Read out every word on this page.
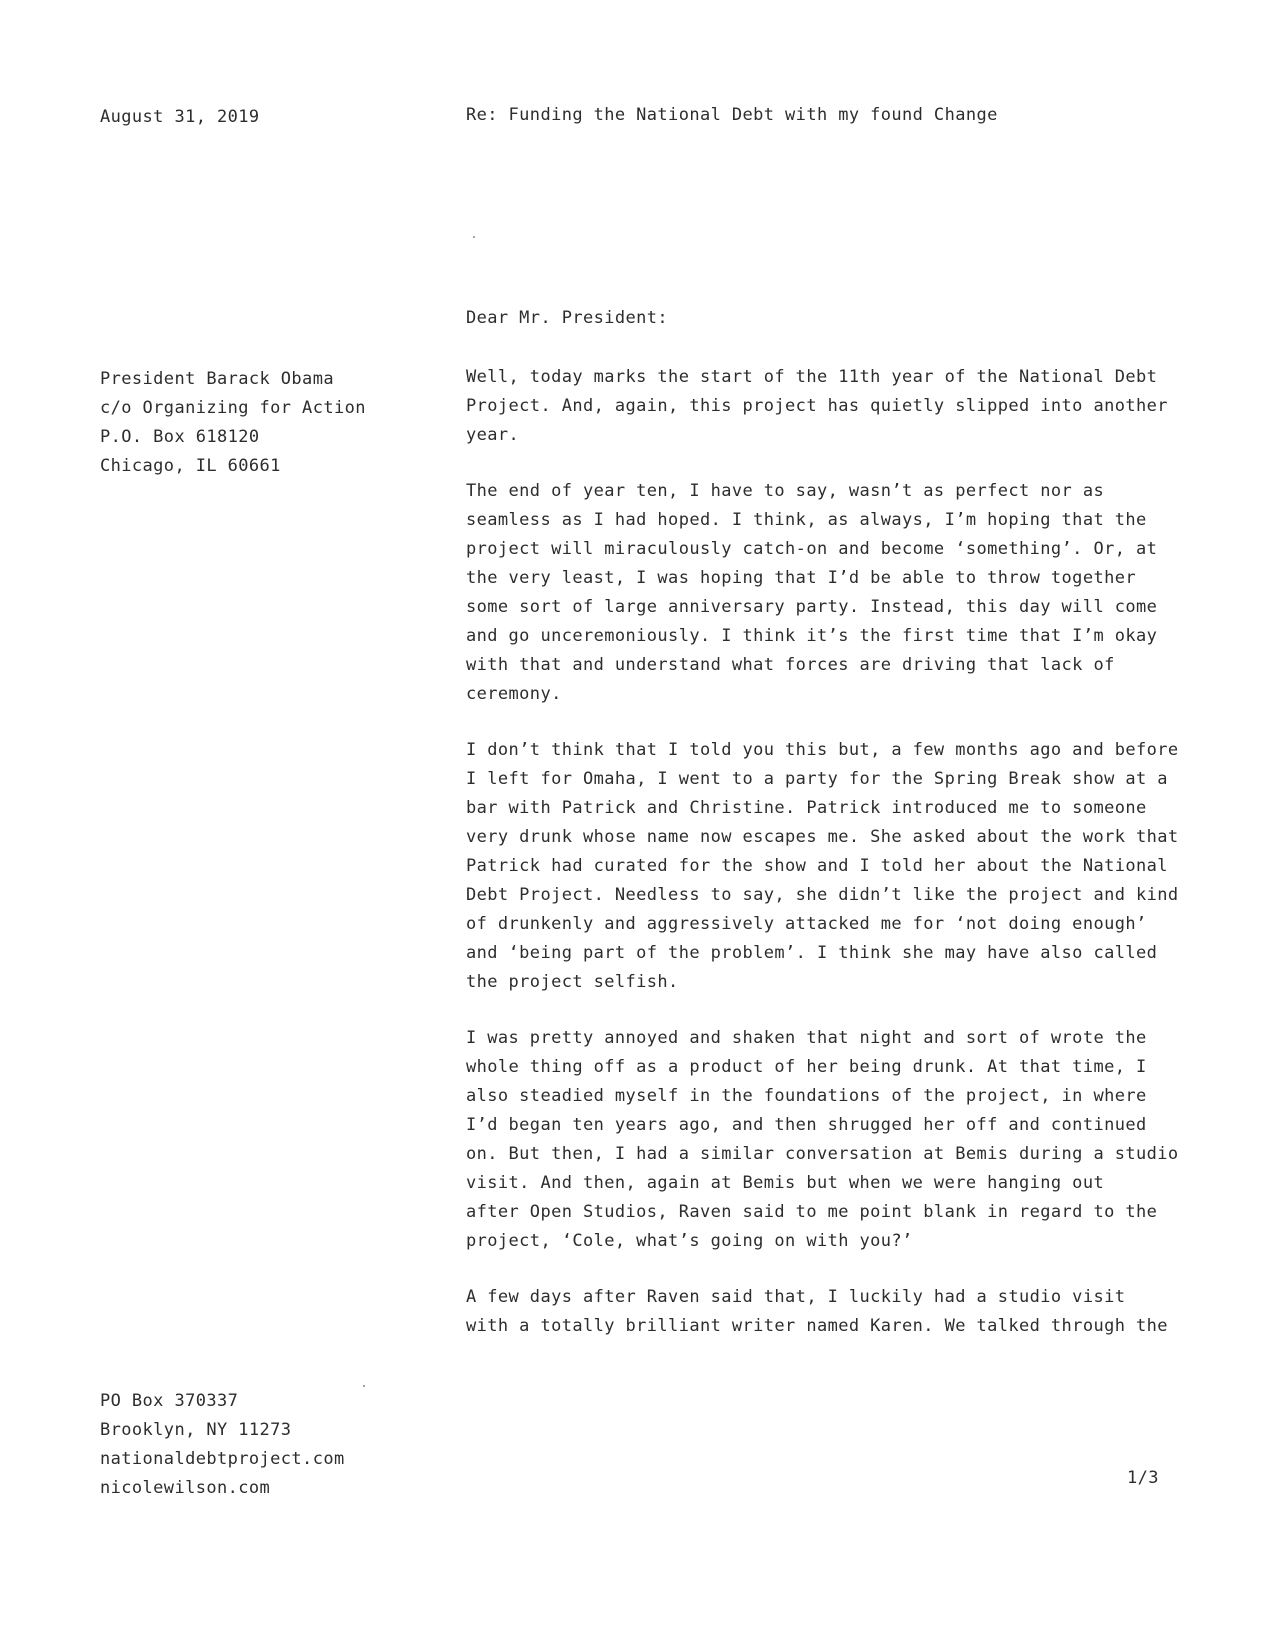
August 31, 2019	Re: Funding the National Debt with my found Change
Dear Mr. President:
President Barack Obama
c/o Organizing for Action
P.O. Box 618120
Chicago, IL 60661

Well, today marks the start of the 11th year of the National Debt
Project. And, again, this project has quietly slipped into another
year.

The end of year ten, I have to say, wasn’t as perfect nor as
seamless as I had hoped. I think, as always, I’m hoping that the
project will miraculously catch-on and become ‘something’. Or, at
the very least, I was hoping that I’d be able to throw together
some sort of large anniversary party. Instead, this day will come
and go unceremoniously. I think it’s the first time that I’m okay
with that and understand what forces are driving that lack of
ceremony.

I don’t think that I told you this but, a few months ago and before
I left for Omaha, I went to a party for the Spring Break show at a
bar with Patrick and Christine. Patrick introduced me to someone
very drunk whose name now escapes me. She asked about the work that
Patrick had curated for the show and I told her about the National
Debt Project. Needless to say, she didn’t like the project and kind
of drunkenly and aggressively attacked me for ‘not doing enough’
and ‘being part of the problem’. I think she may have also called
the project selfish.

I was pretty annoyed and shaken that night and sort of wrote the
whole thing off as a product of her being drunk. At that time, I
also steadied myself in the foundations of the project, in where
I’d began ten years ago, and then shrugged her off and continued
on. But then, I had a similar conversation at Bemis during a studio
visit. And then, again at Bemis but when we were hanging out
after Open Studios, Raven said to me point blank in regard to the
project, ‘Cole, what’s going on with you?’

A few days after Raven said that, I luckily had a studio visit
with a totally brilliant writer named Karen. We talked through the

PO Box 370337
Brooklyn, NY 11273
nationaldebtproject.com
nicolewilson.com	1/3
